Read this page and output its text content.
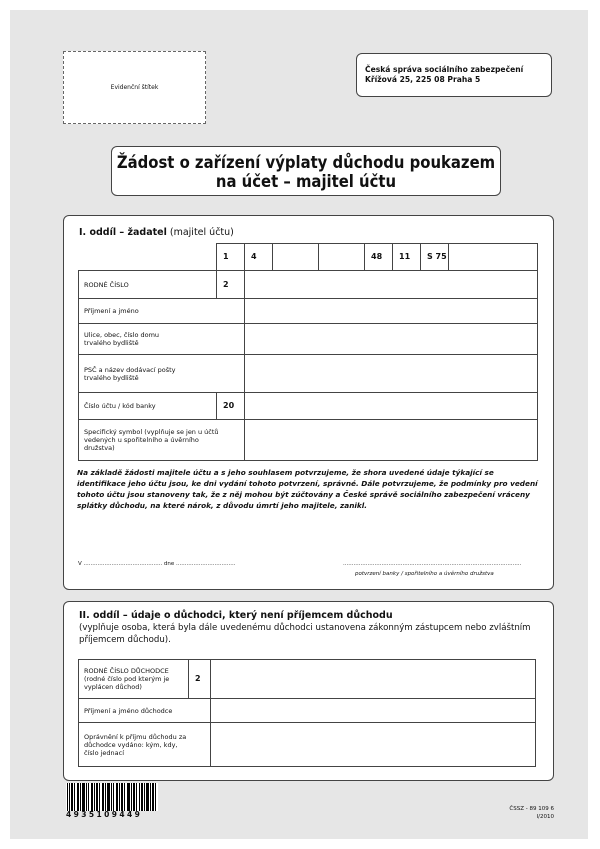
Evidenční štítek
Česká správa sociálního zabezpečení
Křížová 25, 225 08 Praha 5
Žádost o zařízení výplaty důchodu poukazem
na účet – majitel účtu
I. oddíl – žadatel (majitel účtu)
	1	4			48	11	S 75	
RODNÉ ČÍSLO	2							
Příjmení a jméno								
Ulice, obec, číslo domu trvalého bydliště								
PSČ a název dodávací pošty trvalého bydliště								
Číslo účtu / kód banky	20							
Specifický symbol (vyplňuje se jen u účtů vedených u spořitelního a úvěrního družstva)								
Na základě žádosti majitele účtu a s jeho souhlasem potvrzujeme, že shora uvedené údaje týkající se identifikace jeho účtu jsou, ke dni vydání tohoto potvrzení, správné. Dále potvrzujeme, že podmínky pro vedení tohoto účtu jsou stanoveny tak, že z něj mohou být zúčtovány a České správě sociálního zabezpečení vráceny splátky důchodu, na které nárok, z důvodu úmrtí jeho majitele, zanikl.
V ............................................. dne ..................................	......................................................................................................
potvrzení banky / spořitelního a úvěrního družstva
II. oddíl – údaje o důchodci, který není příjemcem důchodu
(vyplňuje osoba, která byla dále uvedenému důchodci ustanovena zákonným zástupcem nebo zvláštním příjemcem důchodu).
RODNÉ ČÍSLO DŮCHODCE (rodné číslo pod kterým je vyplácen důchod)	2	
Příjmení a jméno důchodce		
Oprávnění k příjmu důchodu za důchodce vydáno: kým, kdy, číslo jednací		
4935109449
ČSSZ - 89 109 6
I/2010
